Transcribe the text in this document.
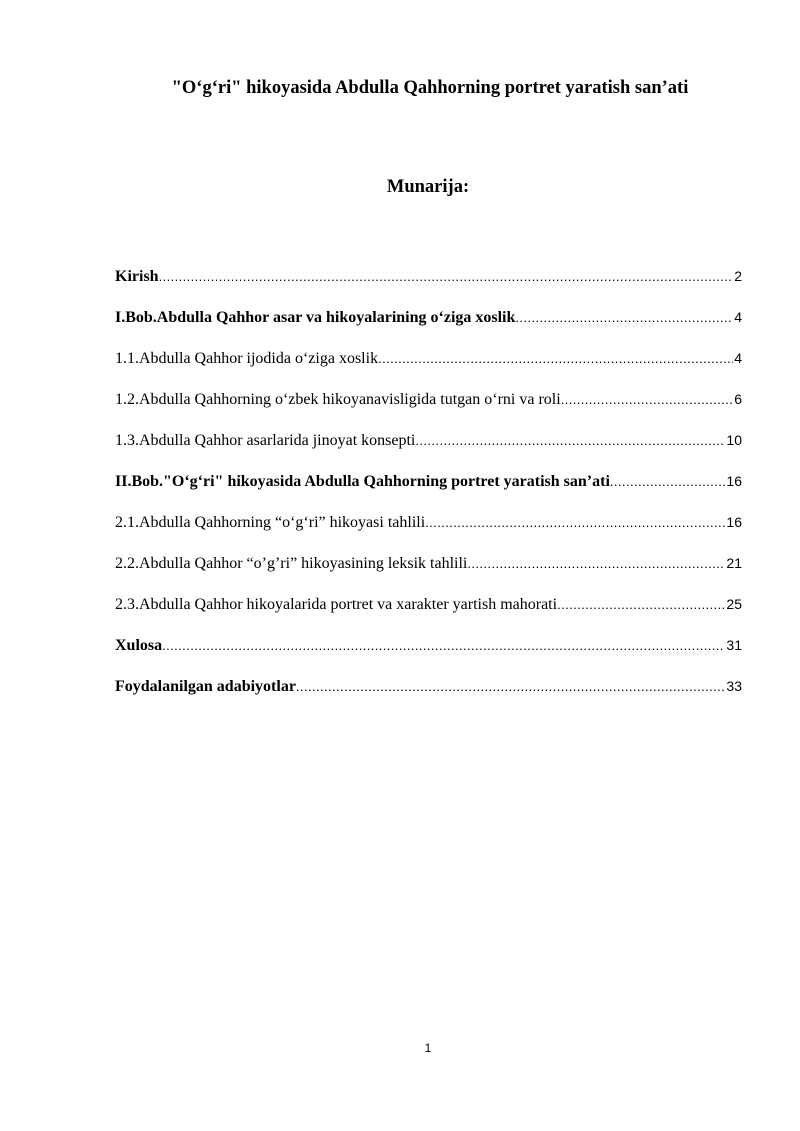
"O‘g‘ri" hikoyasida Abdulla Qahhorning portret yaratish san’ati
Munarija:
Kirish .....	2
I.Bob.Abdulla Qahhor asar va hikoyalarining o‘ziga xoslik .....	4
1.1.Abdulla Qahhor ijodida o‘ziga xoslik .....	4
1.2.Abdulla Qahhorning o‘zbek hikoyanavisligida tutgan o‘rni va roli .....	6
1.3.Abdulla Qahhor asarlarida jinoyat konsepti .....	10
II.Bob."O‘g‘ri" hikoyasida Abdulla Qahhorning portret yaratish san’ati .....	16
2.1.Abdulla Qahhorning “o‘g‘ri” hikoyasi tahlili .....	16
2.2.Abdulla Qahhor “o’g’ri” hikoyasining leksik tahlili .....	21
2.3.Abdulla Qahhor hikoyalarida portret va xarakter yartish mahorati .....	25
Xulosa .....	31
Foydalanilgan adabiyotlar .....	33
1
